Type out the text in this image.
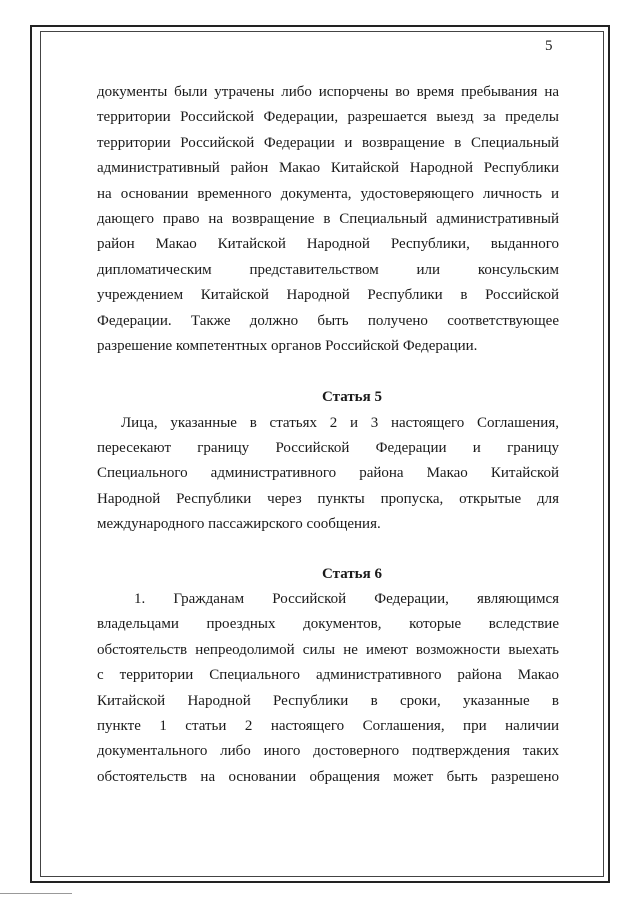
5
документы были утрачены либо испорчены во время пребывания на
территории Российской Федерации, разрешается выезд за пределы
территории Российской Федерации и возвращение в Специальный
административный район Макао Китайской Народной Республики
на основании временного документа, удостоверяющего личность и
дающего право на возвращение в Специальный административный
район Макао Китайской Народной Республики, выданного
дипломатическим представительством или консульским
учреждением Китайской Народной Республики в Российской
Федерации. Также должно быть получено соответствующее
разрешение компетентных органов Российской Федерации.
Статья 5
Лица, указанные в статьях 2 и 3 настоящего Соглашения,
пересекают границу Российской Федерации и границу
Специального административного района Макао Китайской
Народной Республики через пункты пропуска, открытые для
международного пассажирского сообщения.
Статья 6
1. Гражданам Российской Федерации, являющимся
владельцами проездных документов, которые вследствие
обстоятельств непреодолимой силы не имеют возможности выехать
с территории Специального административного района Макао
Китайской Народной Республики в сроки, указанные в
пункте 1 статьи 2 настоящего Соглашения, при наличии
документального либо иного достоверного подтверждения таких
обстоятельств на основании обращения может быть разрешено
